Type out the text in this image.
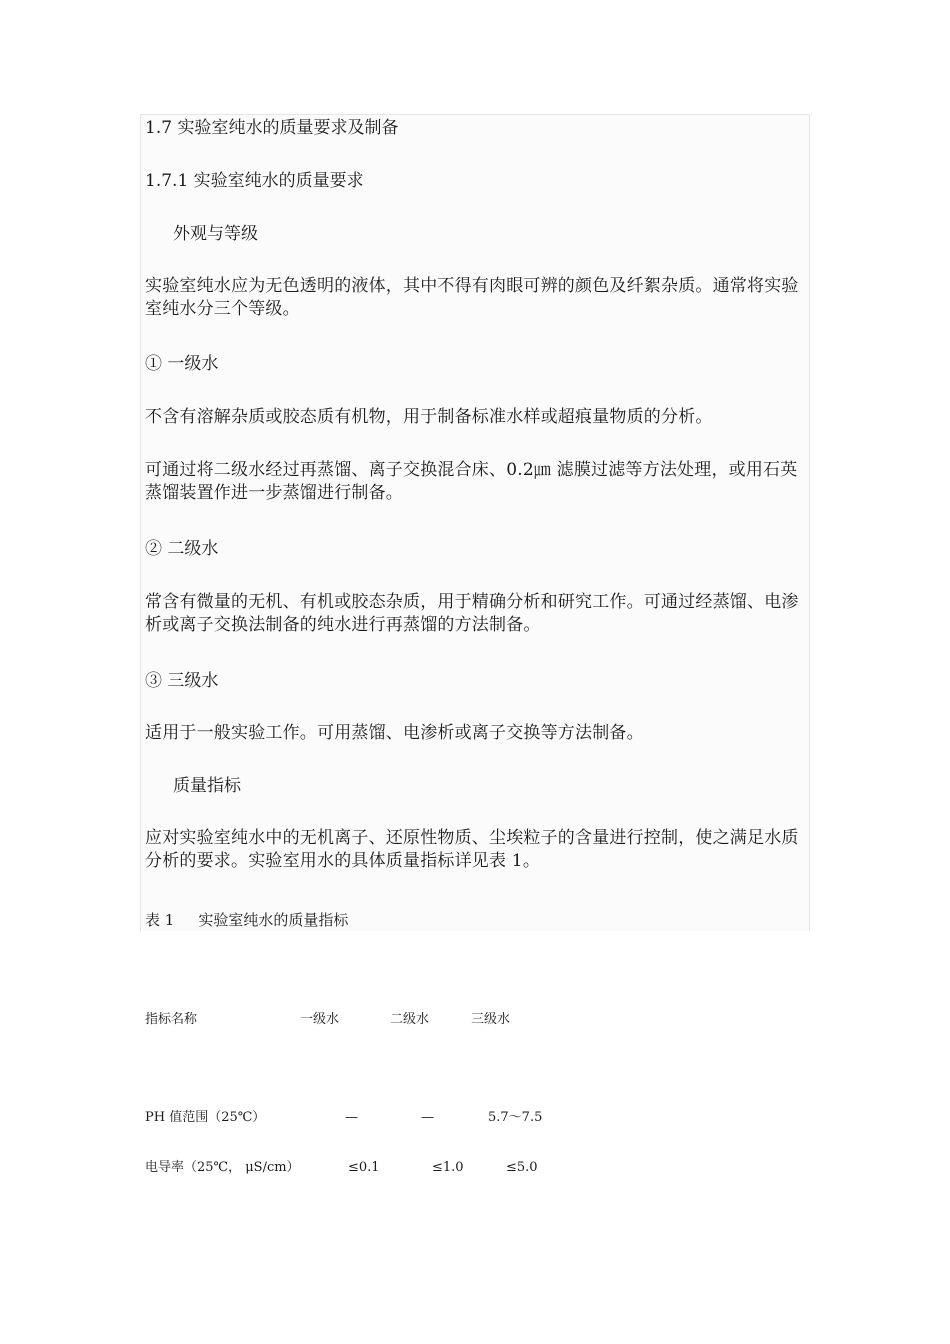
1.7 实验室纯水的质量要求及制备
1.7.1 实验室纯水的质量要求
外观与等级
实验室纯水应为无色透明的液体，其中不得有肉眼可辨的颜色及纤絮杂质。通常将实验室纯水分三个等级。
① 一级水
不含有溶解杂质或胶态质有机物，用于制备标准水样或超痕量物质的分析。
可通过将二级水经过再蒸馏、离子交换混合床、0.2㎛ 滤膜过滤等方法处理，或用石英蒸馏装置作进一步蒸馏进行制备。
② 二级水
常含有微量的无机、有机或胶态杂质，用于精确分析和研究工作。可通过经蒸馏、电渗析或离子交换法制备的纯水进行再蒸馏的方法制备。
③ 三级水
适用于一般实验工作。可用蒸馏、电渗析或离子交换等方法制备。
质量指标
应对实验室纯水中的无机离子、还原性物质、尘埃粒子的含量进行控制，使之满足水质分析的要求。实验室用水的具体质量指标详见表 1。
表 1 实验室纯水的质量指标
指标名称	一级水	二级水	三级水
PH 值范围（25℃）	—	—	5.7～7.5
电导率（25℃， μS/cm）	≤0.1	≤1.0	≤5.0
